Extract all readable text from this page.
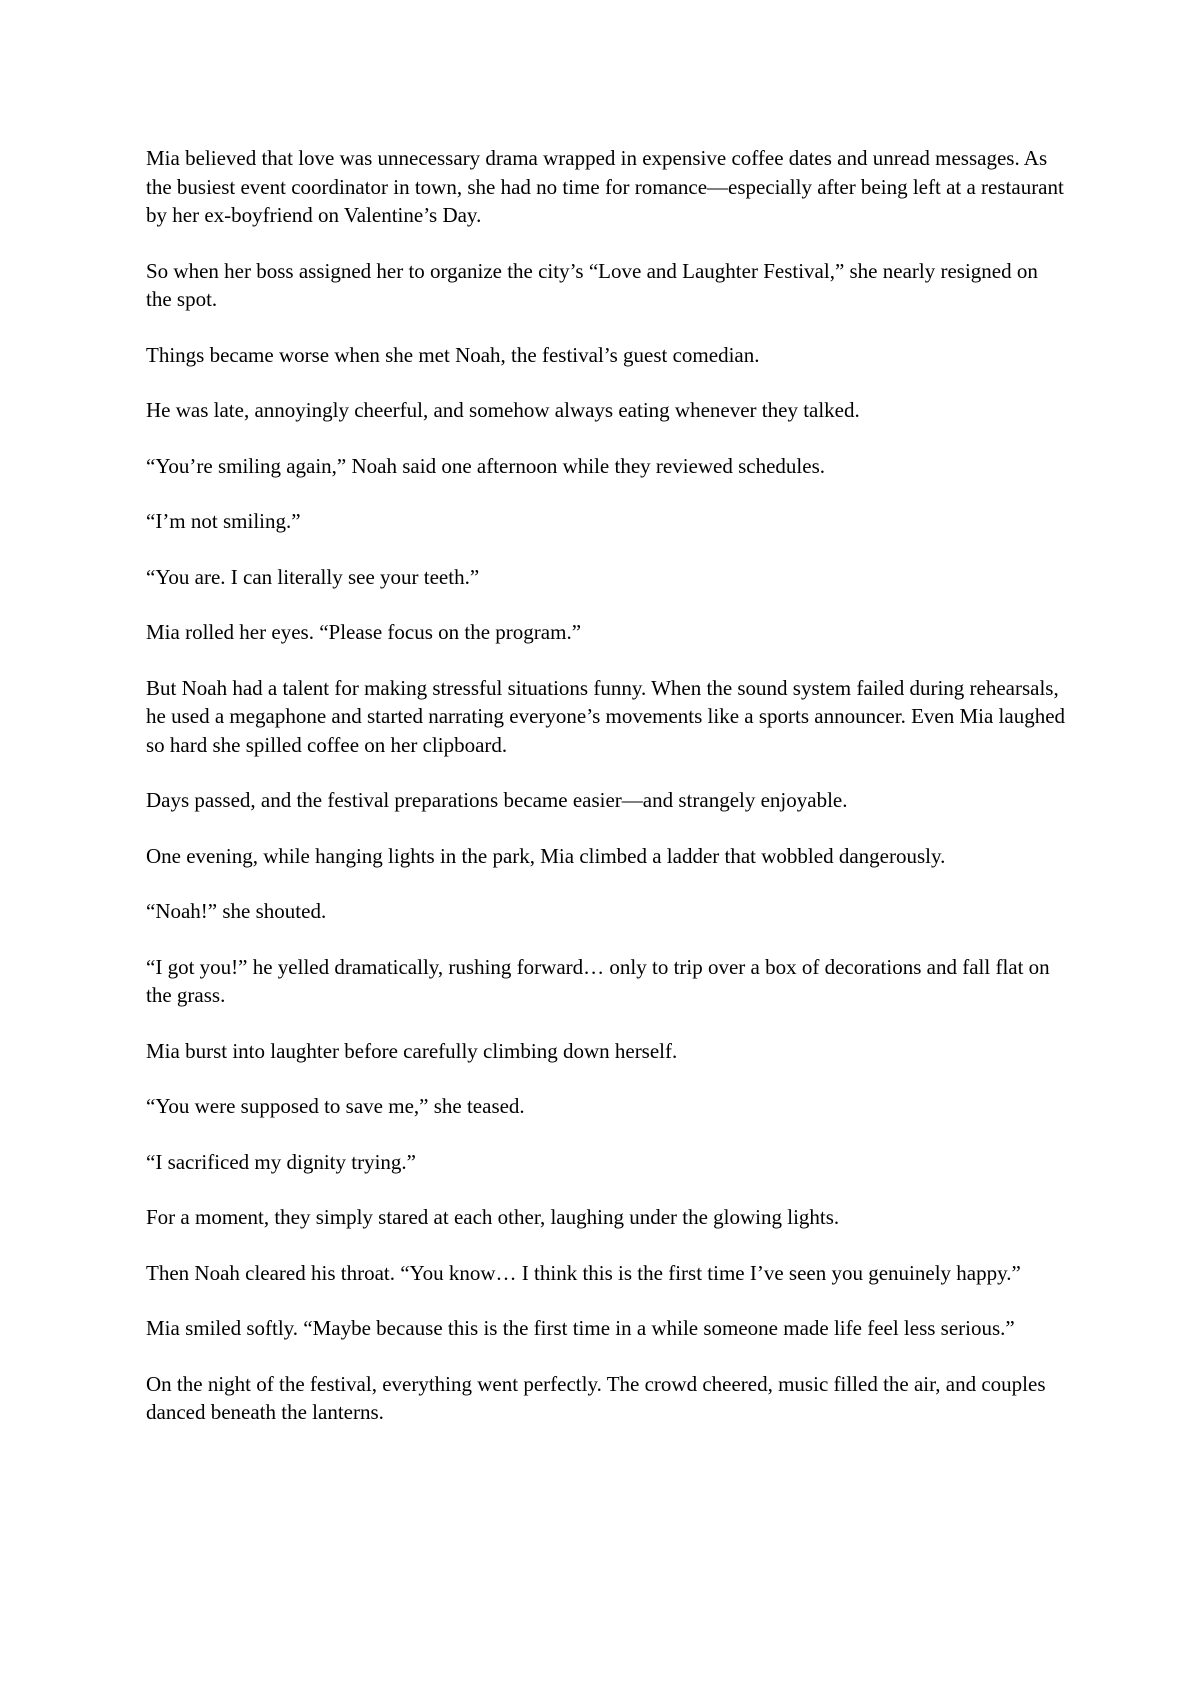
Mia believed that love was unnecessary drama wrapped in expensive coffee dates and unread messages. As the busiest event coordinator in town, she had no time for romance—especially after being left at a restaurant by her ex-boyfriend on Valentine’s Day.

So when her boss assigned her to organize the city’s “Love and Laughter Festival,” she nearly resigned on the spot.

Things became worse when she met Noah, the festival’s guest comedian.

He was late, annoyingly cheerful, and somehow always eating whenever they talked.

“You’re smiling again,” Noah said one afternoon while they reviewed schedules.

“I’m not smiling.”

“You are. I can literally see your teeth.”

Mia rolled her eyes. “Please focus on the program.”

But Noah had a talent for making stressful situations funny. When the sound system failed during rehearsals, he used a megaphone and started narrating everyone’s movements like a sports announcer. Even Mia laughed so hard she spilled coffee on her clipboard.

Days passed, and the festival preparations became easier—and strangely enjoyable.

One evening, while hanging lights in the park, Mia climbed a ladder that wobbled dangerously.

“Noah!” she shouted.

“I got you!” he yelled dramatically, rushing forward… only to trip over a box of decorations and fall flat on the grass.

Mia burst into laughter before carefully climbing down herself.

“You were supposed to save me,” she teased.

“I sacrificed my dignity trying.”

For a moment, they simply stared at each other, laughing under the glowing lights.

Then Noah cleared his throat. “You know… I think this is the first time I’ve seen you genuinely happy.”

Mia smiled softly. “Maybe because this is the first time in a while someone made life feel less serious.”

On the night of the festival, everything went perfectly. The crowd cheered, music filled the air, and couples danced beneath the lanterns.
